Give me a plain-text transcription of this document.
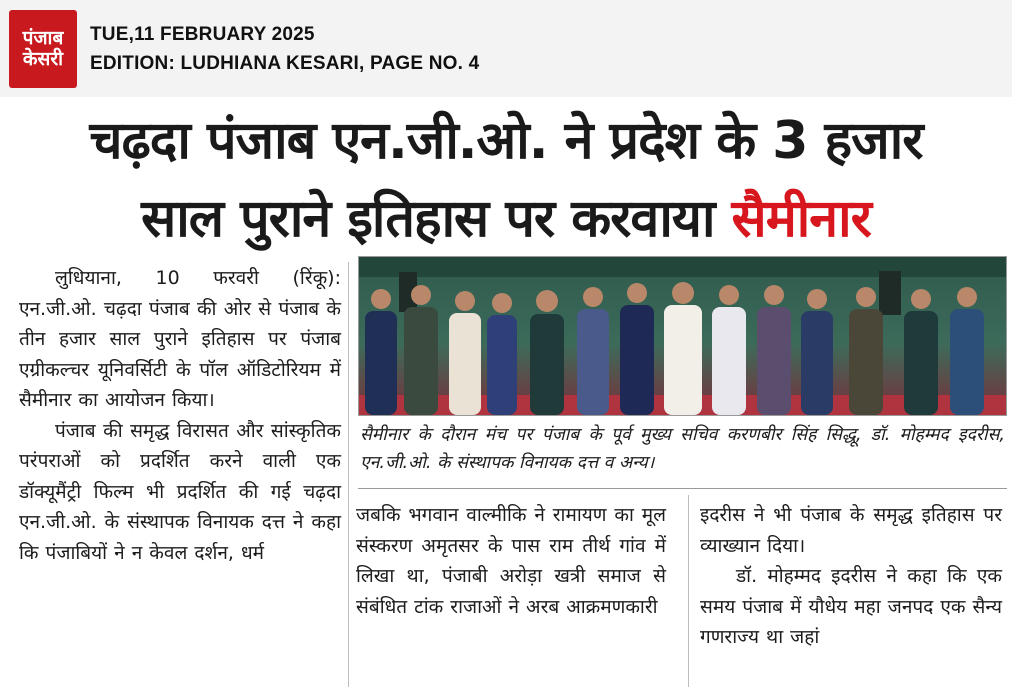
पंजाब
केसरी
TUE,11 FEBRUARY 2025
EDITION: LUDHIANA KESARI, PAGE NO. 4
चढ़दा पंजाब एन.जी.ओ. ने प्रदेश के 3 हजार
साल पुराने इतिहास पर करवाया सैमीनार

लुधियाना, 10 फरवरी (रिंकू): एन.जी.ओ. चढ़दा पंजाब की ओर से पंजाब के तीन हजार साल पुराने इतिहास पर पंजाब एग्रीकल्चर यूनिवर्सिटी के पॉल ऑडिटोरियम में सैमीनार का आयोजन किया।

पंजाब की समृद्ध विरासत और सांस्कृतिक परंपराओं को प्रदर्शित करने वाली एक डॉक्यूमैंट्री फिल्म भी प्रदर्शित की गई चढ़दा एन.जी.ओ. के संस्थापक विनायक दत्त ने कहा कि पंजाबियों ने न केवल दर्शन, धर्म

सैमीनार के दौरान मंच पर पंजाब के पूर्व मुख्य सचिव करणबीर सिंह सिद्धू, डॉ. मोहम्मद इदरीस, एन.जी.ओ. के संस्थापक विनायक दत्त व अन्य।

जबकि भगवान वाल्मीकि ने रामायण का मूल संस्करण अमृतसर के पास राम तीर्थ गांव में लिखा था, पंजाबी अरोड़ा खत्री समाज से संबंधित टांक राजाओं ने अरब आक्रमणकारी

इदरीस ने भी पंजाब के समृद्ध इतिहास पर व्याख्यान दिया।

डॉ. मोहम्मद इदरीस ने कहा कि एक समय पंजाब में यौधेय महा जनपद एक सैन्य गणराज्य था जहां
